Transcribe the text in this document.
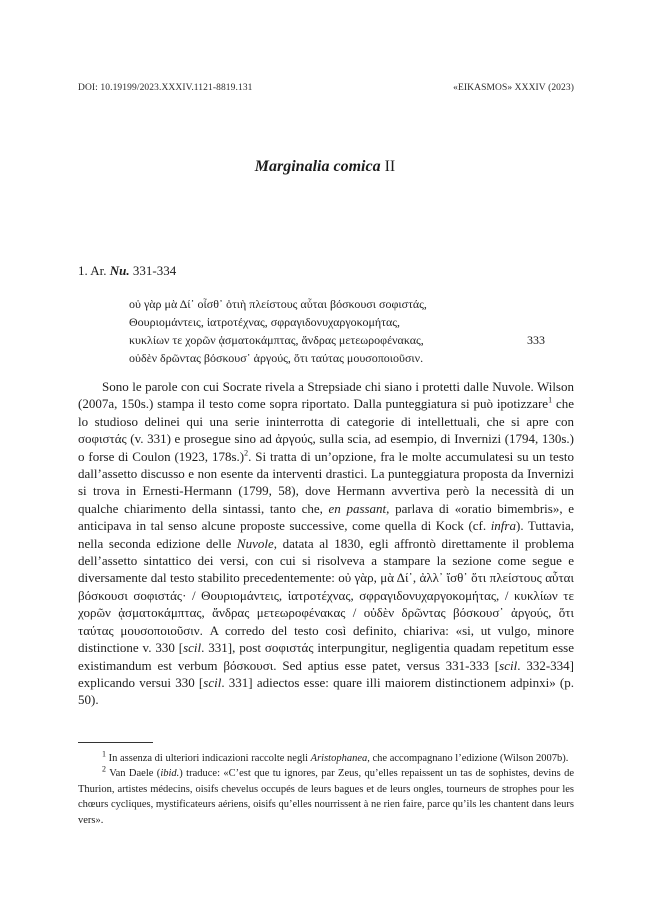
DOI: 10.19199/2023.XXXIV.1121-8819.131	«EIKASMOS» XXXIV (2023)
Marginalia comica II
1. Ar. Nu. 331-334
οὐ γὰρ μὰ Δί᾽ οἶσθ᾽ ὁτιὴ πλείστους αὗται βόσκουσι σοφιστάς,
Θουριομάντεις, ἰατροτέχνας, σφραγιδονυχαργοκομήτας,
κυκλίων τε χορῶν ᾀσματοκάμπτας, ἄνδρας μετεωροφένακας,	333
οὐδὲν δρῶντας βόσκουσ᾽ ἀργούς, ὅτι ταύτας μουσοποιοῦσιν.

Sono le parole con cui Socrate rivela a Strepsiade chi siano i protetti dalle Nuvole. Wilson (2007a, 150s.) stampa il testo come sopra riportato. Dalla punteggiatura si può ipotizzare$^1$ che lo studioso delinei qui una serie ininterrotta di categorie di intellettuali, che si apre con σοφιστάς (v. 331) e prosegue sino ad ἀργούς, sulla scia, ad esempio, di Invernizi (1794, 130s.) o forse di Coulon (1923, 178s.)$^2$. Si tratta di un’opzione, fra le molte accumulatesi su un testo dall’assetto discusso e non esente da interventi drastici. La punteggiatura proposta da Invernizi si trova in Ernesti-Hermann (1799, 58), dove Hermann avvertiva però la necessità di un qualche chiarimento della sintassi, tanto che, en passant, parlava di «oratio bimembris», e anticipava in tal senso alcune proposte successive, come quella di Kock (cf. infra). Tuttavia, nella seconda edizione delle Nuvole, datata al 1830, egli affrontò direttamente il problema dell’assetto sintattico dei versi, con cui si risolveva a stampare la sezione come segue e diversamente dal testo stabilito precedentemente: οὐ γὰρ, μὰ Δί᾽, ἀλλ᾽ ἴσθ᾽ ὅτι πλείστους αὗται βόσκουσι σοφιστάς· / Θουριομάντεις, ἰατροτέχνας, σφραγιδονυχαργοκομήτας, / κυκλίων τε χορῶν ᾀσματοκάμπτας, ἄνδρας μετεωροφένακας / οὐδὲν δρῶντας βόσκουσ᾽ ἀργούς, ὅτι ταύτας μουσοποιοῦσιν. A corredo del testo così definito, chiariva: «si, ut vulgo, minore distinctione v. 330 [scil. 331], post σοφιστάς interpungitur, negligentia quadam repetitum esse existimandum est verbum βόσκουσι. Sed aptius esse patet, versus 331-333 [scil. 332-334] explicando versui 330 [scil. 331] adiectos esse: quare illi maiorem distinctionem adpinxi» (p. 50).

$^1$ In assenza di ulteriori indicazioni raccolte negli Aristophanea, che accompagnano l’edizione (Wilson 2007b).

$^2$ Van Daele (ibid.) traduce: «C’est que tu ignores, par Zeus, qu’elles repaissent un tas de sophistes, devins de Thurion, artistes médecins, oisifs chevelus occupés de leurs bagues et de leurs ongles, tourneurs de strophes pour les chœurs cycliques, mystificateurs aériens, oisifs qu’elles nourrissent à ne rien faire, parce qu’ils les chantent dans leurs vers».
